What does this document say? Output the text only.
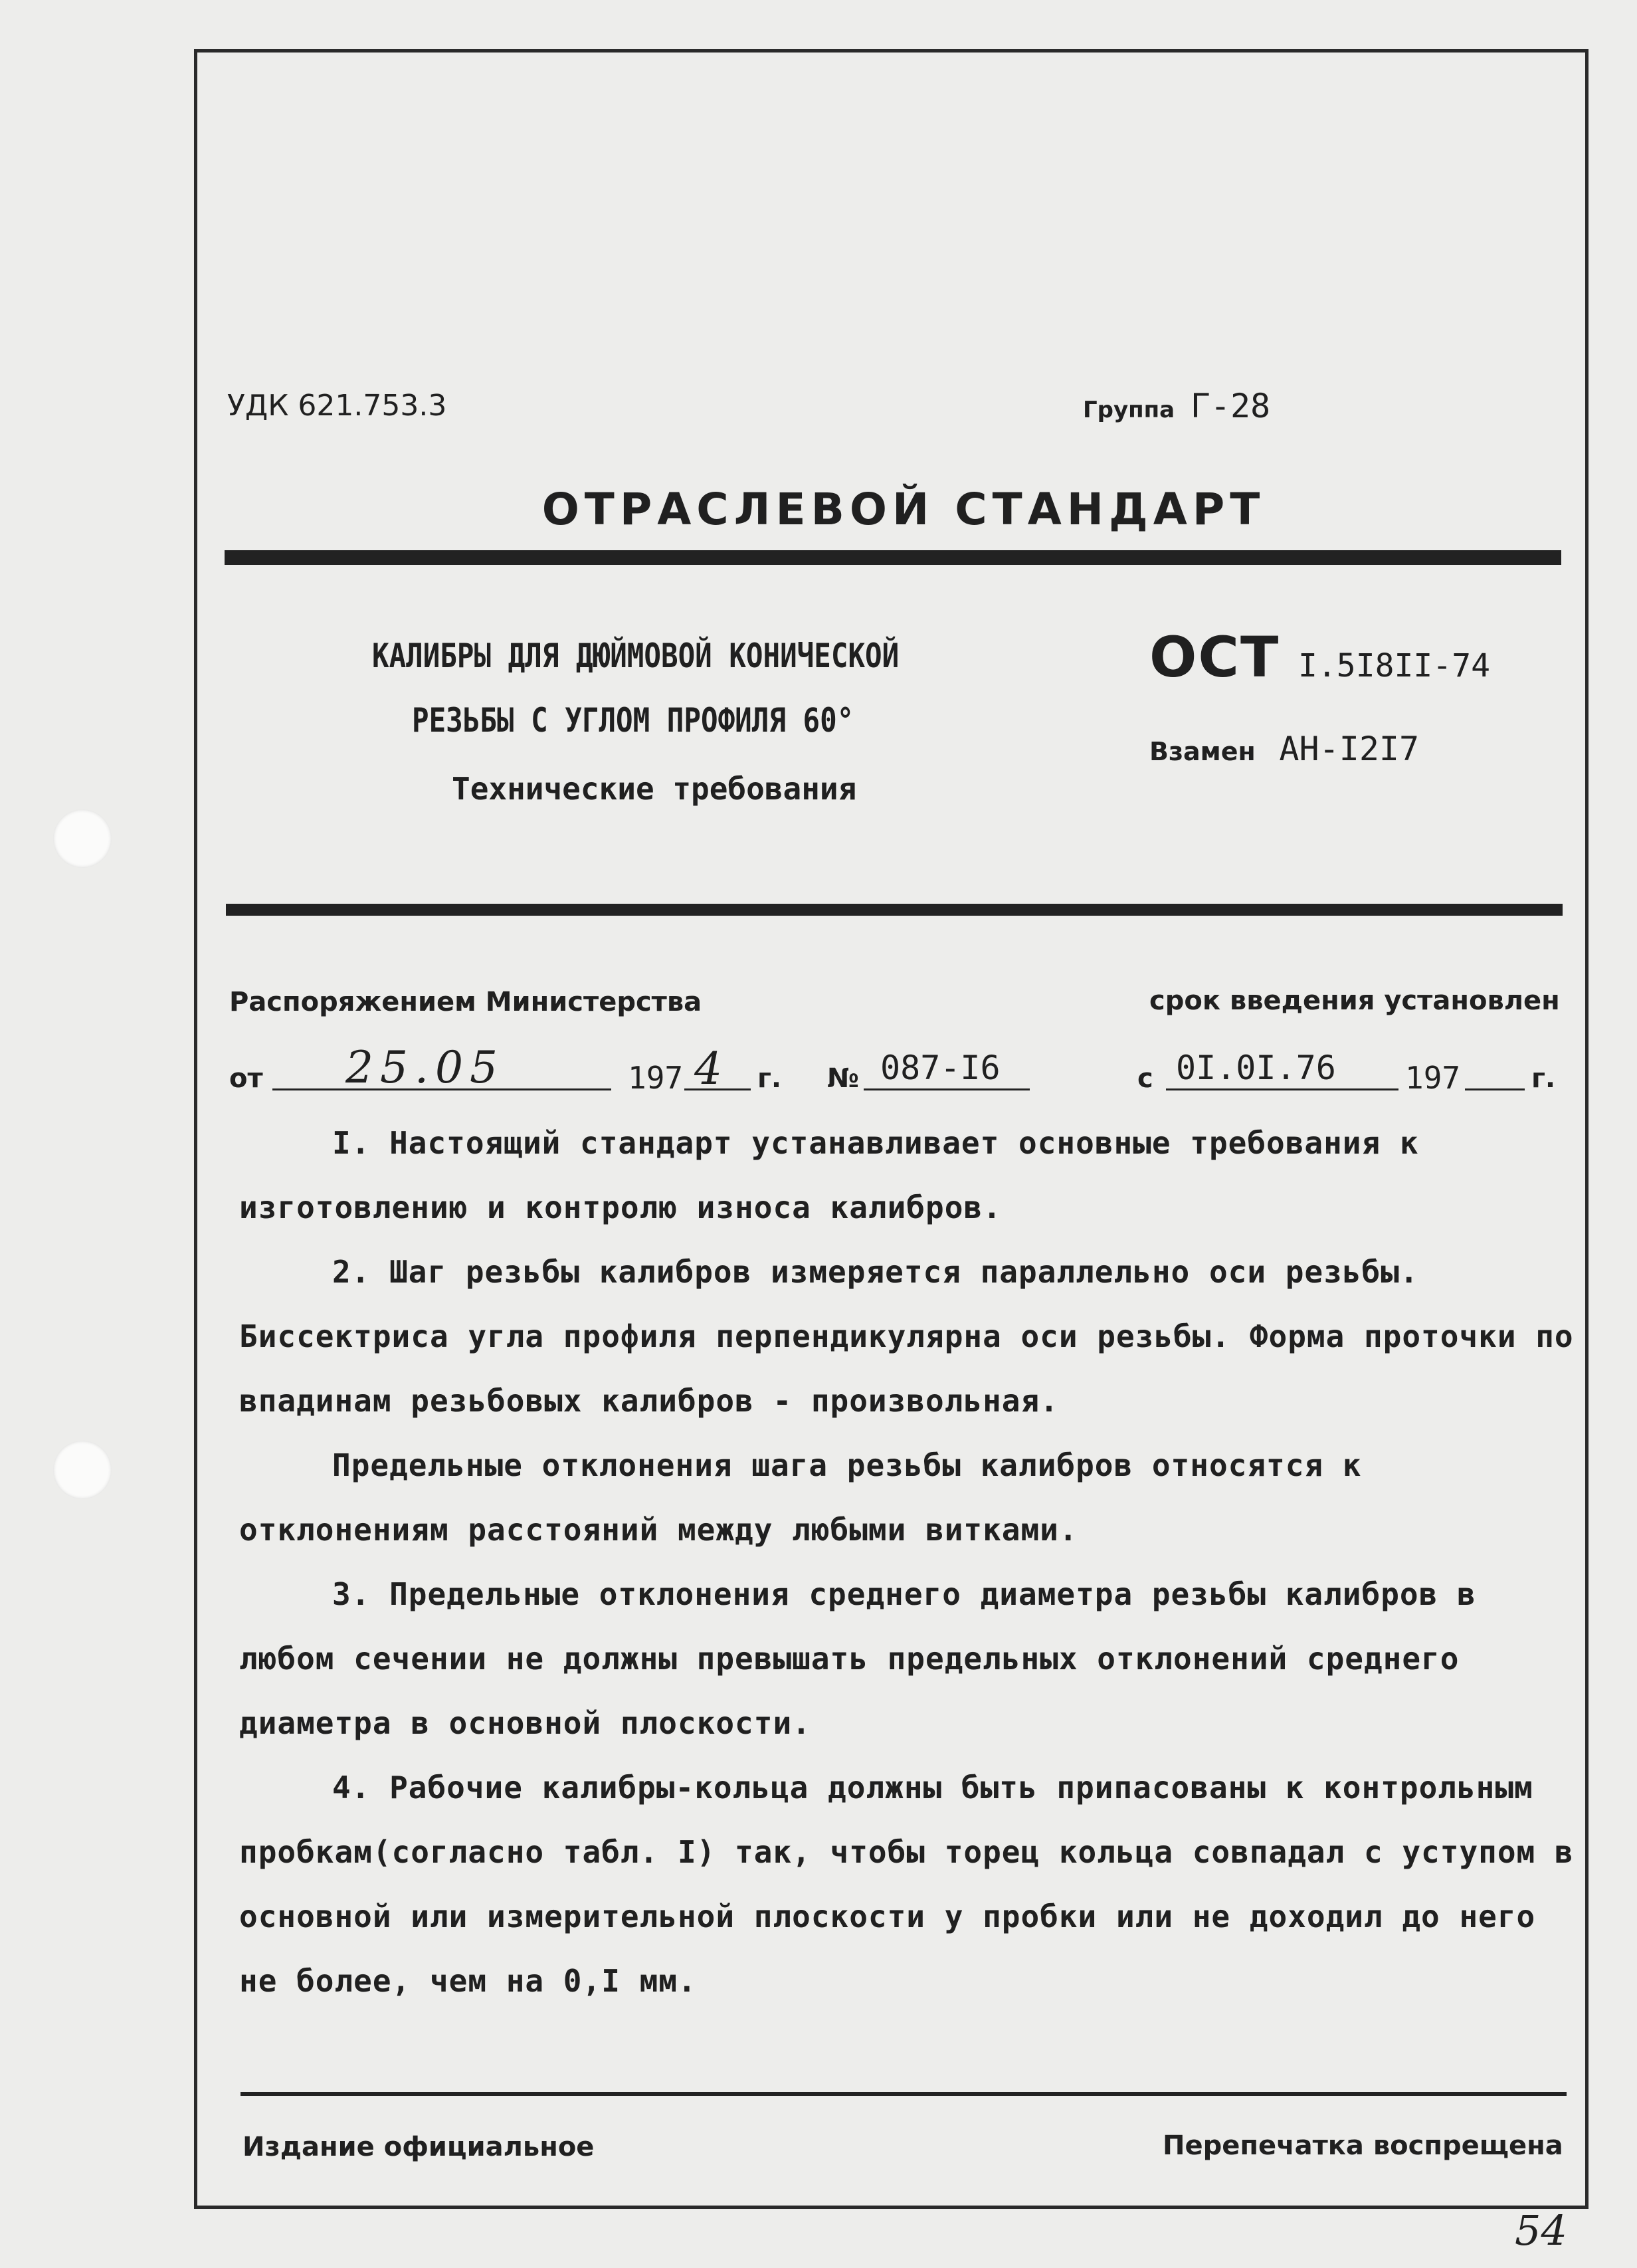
УДК 621.753.3	Группа Г-28
ОТРАСЛЕВОЙ СТАНДАРТ
КАЛИБРЫ ДЛЯ ДЮЙМОВОЙ КОНИЧЕСКОЙ
РЕЗЬБЫ С УГЛОМ ПРОФИЛЯ 60°
Технические требования
ОСТ I.5I8II-74
Взамен АН-I2I7
Распоряжением Министерства	срок введения установлен
от 25.05	197 4 г. № 087-I6	с 0I.0I.76 197	г.

I. Настоящий стандарт устанавливает основные требования к изготовлению и контролю износа калибров.

2. Шаг резьбы калибров измеряется параллельно оси резьбы. Биссектриса угла профиля перпендикулярна оси резьбы. Форма проточки по впадинам резьбовых калибров - произвольная.

Предельные отклонения шага резьбы калибров относятся к отклонениям расстояний между любыми витками.

3. Предельные отклонения среднего диаметра резьбы калибров в любом сечении не должны превышать предельных отклонений среднего диаметра в основной плоскости.

4. Рабочие калибры-кольца должны быть припасованы к контрольным пробкам(согласно табл. I) так, чтобы торец кольца совпадал с уступом в основной или измерительной плоскости у пробки или не доходил до него не более, чем на 0,I мм.

Издание официальное	Перепечатка воспрещена
54
